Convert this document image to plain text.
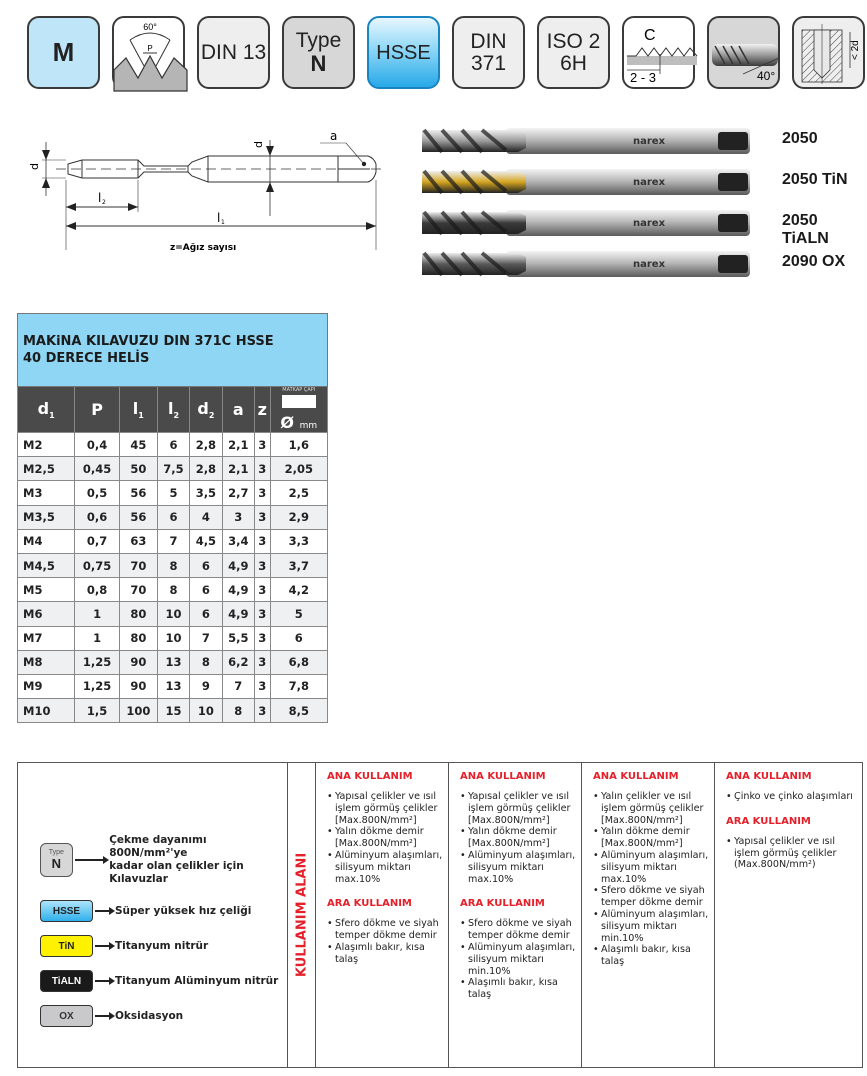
M
60°
P DIN 13
Type
N	HSSE DIN
371
ISO 2
6H
C
2 - 3	40°
< 2d
d
d
l 2
l 1
a
z=Ağız sayısı
narex	2050
narex	2050 TiN
narex	2050 TiALN
narex	2090 OX
MAKiNA KILAVUZU DIN 371C HSSE
40 DERECE HELİS							

$d_1$	P	$l_1$	$l_2$	$d_2$	a	z	MATKAP ÇAPI
Ø mm

M2	0,4	45	6	2,8	2,1	3	1,6
M2,5	0,45	50	7,5	2,8	2,1	3	2,05
M3	0,5	56	5	3,5	2,7	3	2,5
M3,5	0,6	56	6	4	3	3	2,9
M4	0,7	63	7	4,5	3,4	3	3,3
M4,5	0,75	70	8	6	4,9	3	3,7
M5	0,8	70	8	6	4,9	3	4,2
M6	1	80	10	6	4,9	3	5
M7	1	80	10	7	5,5	3	6
M8	1,25	90	13	8	6,2	3	6,8
M9	1,25	90	13	9	7	3	7,8
M10	1,5	100	15	10	8	3	8,5
Type
N
Çekme dayanımı 800N/mm²'ye
kadar olan çelikler için Kılavuzlar
HSSE	Süper yüksek hız çeliği
TiN	Titanyum nitrür
TiALN	Titanyum Alüminyum nitrür
OX	Oksidasyon
KULLANIM ALANI
ANA KULLANIM
• Yapısal çelikler ve ısıl işlem görmüş çelikler [Max.800N/mm²]
• Yalın dökme demir [Max.800N/mm²]
• Alüminyum alaşımları, silisyum miktarı max.10%
ARA KULLANIM
• Sfero dökme ve siyah temper dökme demir
• Alaşımlı bakır, kısa talaş
ANA KULLANIM
• Yapısal çelikler ve ısıl işlem görmüş çelikler [Max.800N/mm²]
• Yalın dökme demir [Max.800N/mm²]
• Alüminyum alaşımları, silisyum miktarı max.10%
ARA KULLANIM
• Sfero dökme ve siyah temper dökme demir
• Alüminyum alaşımları, silisyum miktarı min.10%
• Alaşımlı bakır, kısa talaş
ANA KULLANIM
• Yalın çelikler ve ısıl işlem görmüş çelikler [Max.800N/mm²]
• Yalın dökme demir [Max.800N/mm²]
• Alüminyum alaşımları, silisyum miktarı max.10%
• Sfero dökme ve siyah temper dökme demir
• Alüminyum alaşımları, silisyum miktarı min.10%
• Alaşımlı bakır, kısa talaş
ANA KULLANIM
• Çinko ve çinko alaşımları
ARA KULLANIM
• Yapısal çelikler ve ısıl işlem görmüş çelikler (Max.800N/mm²)
